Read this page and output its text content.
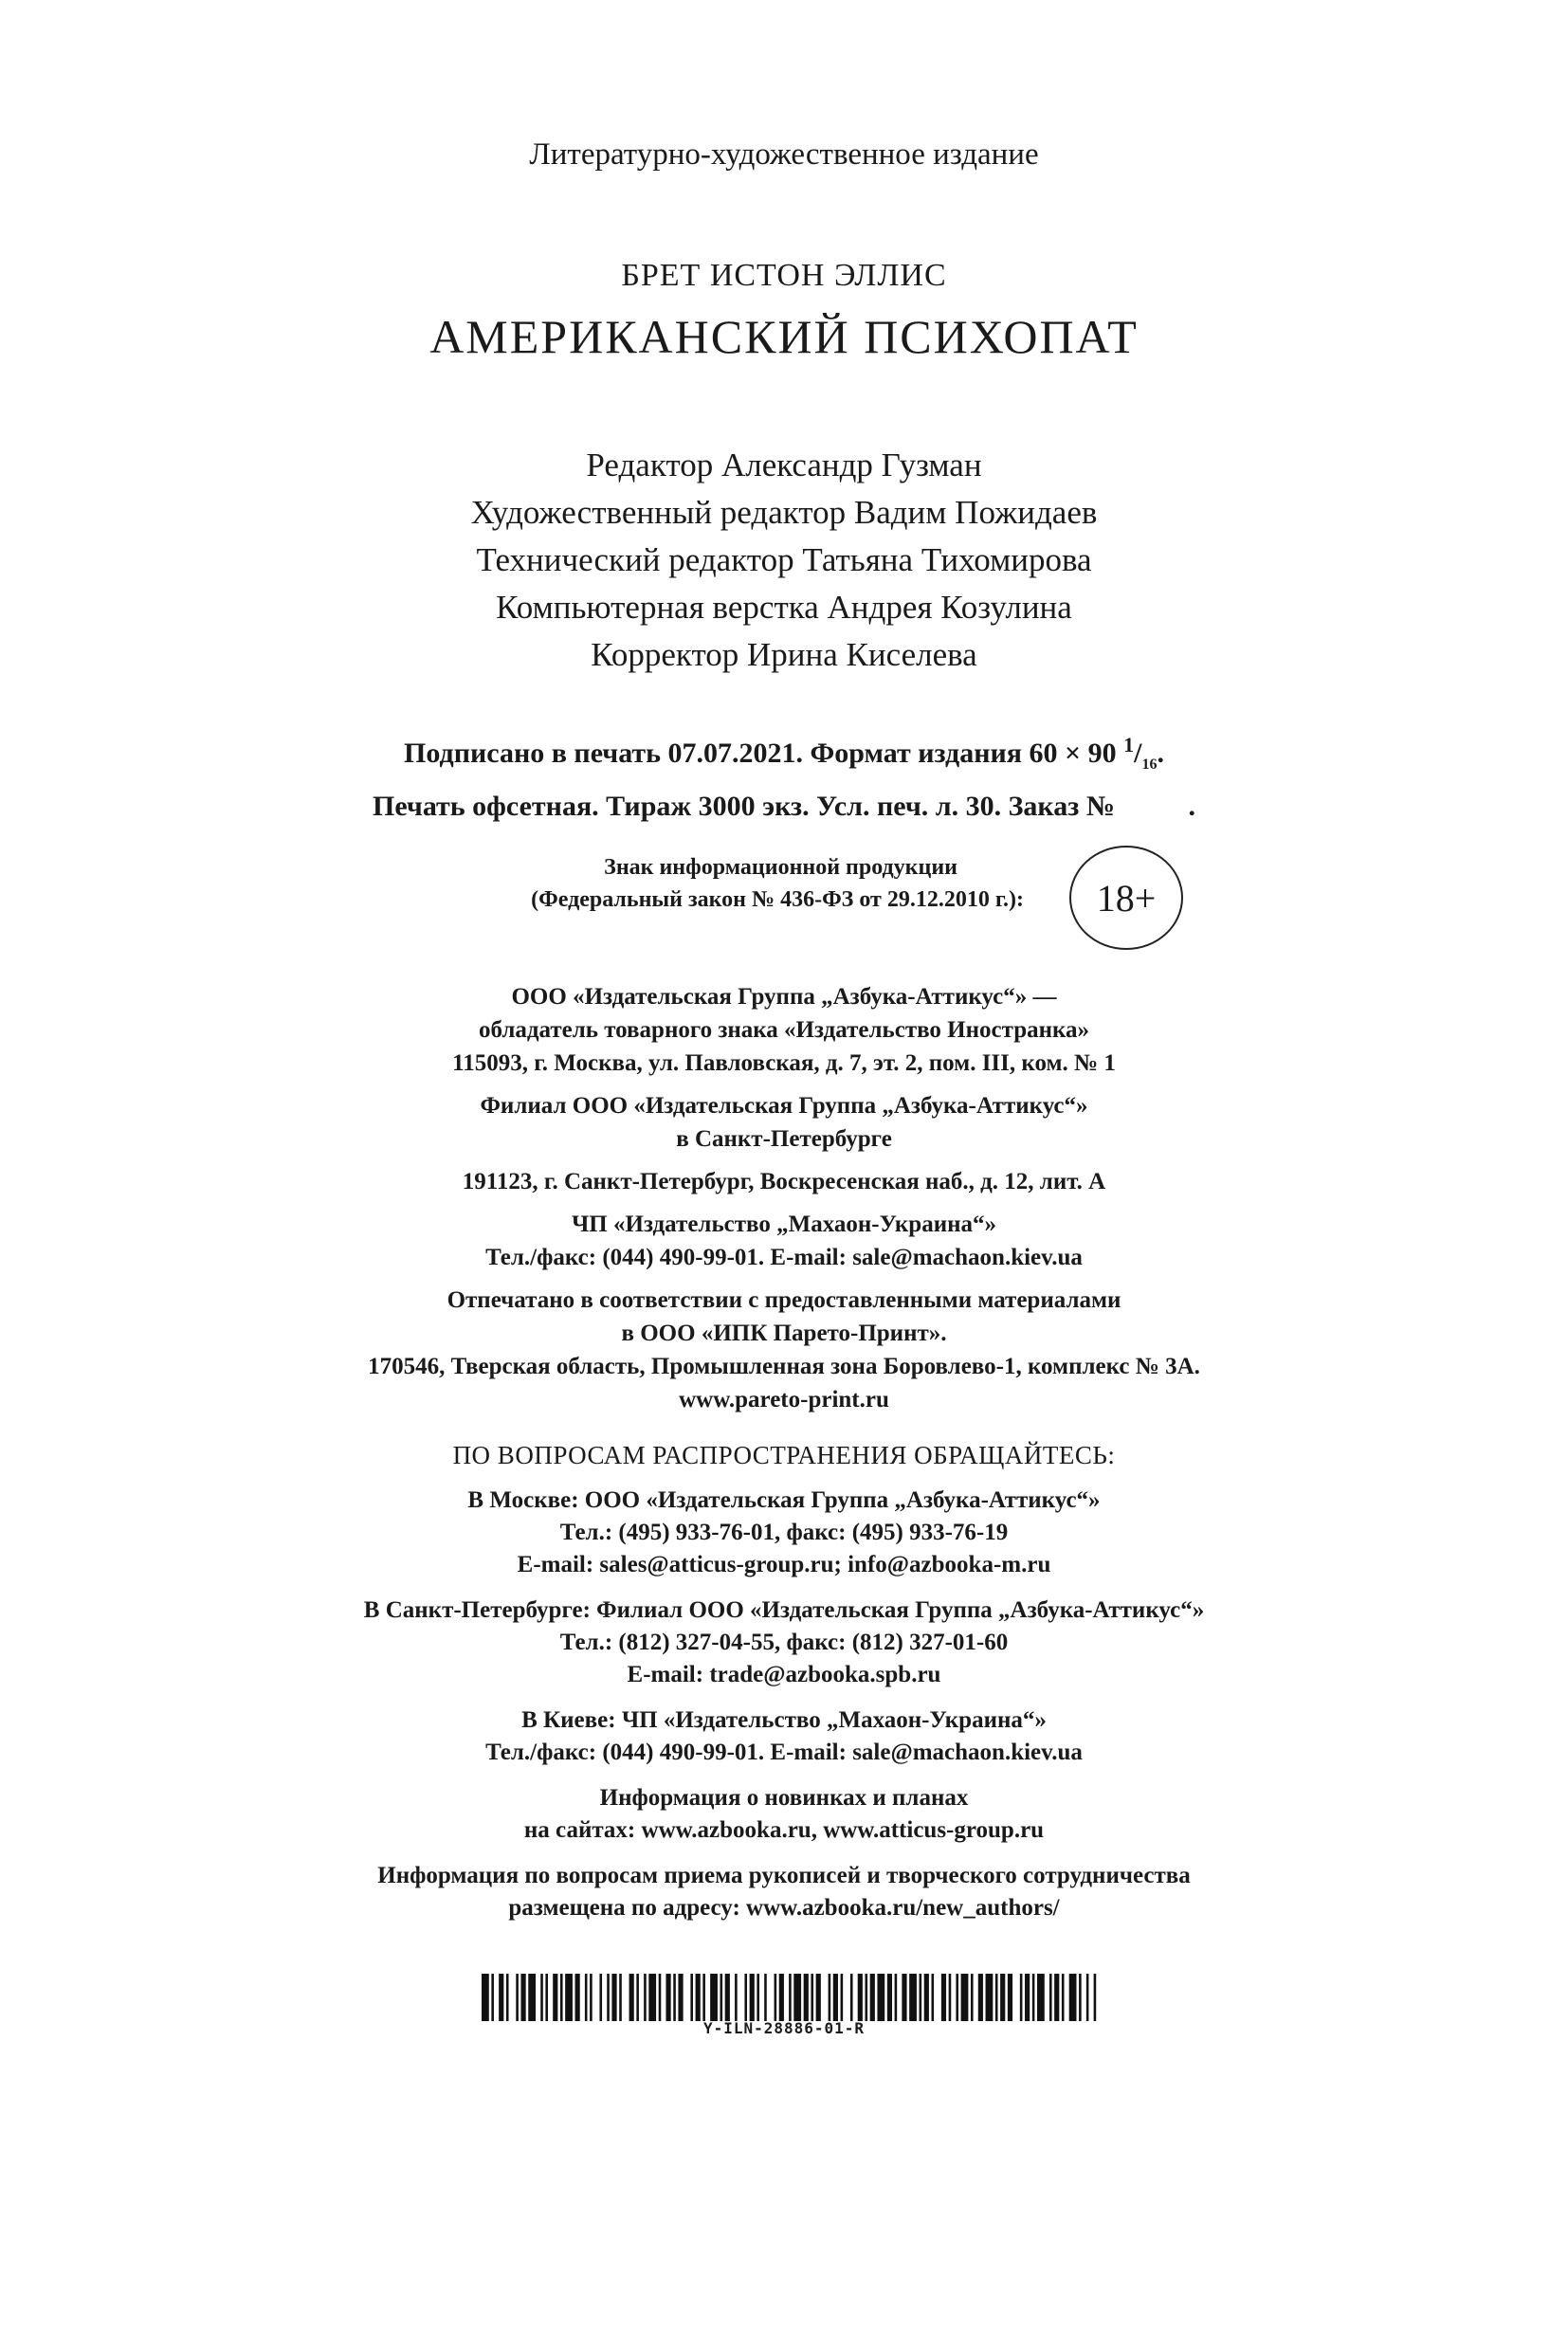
Литературно-художественное издание
БРЕТ ИСТОН ЭЛЛИС
АМЕРИКАНСКИЙ ПСИХОПАТ
Редактор Александр Гузман
Художественный редактор Вадим Пожидаев
Технический редактор Татьяна Тихомирова
Компьютерная верстка Андрея Козулина
Корректор Ирина Киселева
Подписано в печать 07.07.2021. Формат издания 60 × 90 $^1/_{16}$.
Печать офсетная. Тираж 3000 экз. Усл. печ. л. 30. Заказ №	.
Знак информационной продукции
(Федеральный закон № 436-ФЗ от 29.12.2010 г.): 18+
ООО «Издательская Группа „Азбука-Аттикус“» —
обладатель товарного знака «Издательство Иностранка»
115093, г. Москва, ул. Павловская, д. 7, эт. 2, пом. III, ком. № 1
Филиал ООО «Издательская Группа „Азбука-Аттикус“»
в Санкт-Петербурге
191123, г. Санкт-Петербург, Воскресенская наб., д. 12, лит. А
ЧП «Издательство „Махаон-Украина“»
Тел./факс: (044) 490-99-01. E-mail: sale@machaon.kiev.ua
Отпечатано в соответствии с предоставленными материалами
в ООО «ИПК Парето-Принт».
170546, Тверская область, Промышленная зона Боровлево-1, комплекс № 3А.
www.pareto-print.ru
ПО ВОПРОСАМ РАСПРОСТРАНЕНИЯ ОБРАЩАЙТЕСЬ:
В Москве: ООО «Издательская Группа „Азбука-Аттикус“»
Тел.: (495) 933-76-01, факс: (495) 933-76-19
E-mail: sales@atticus-group.ru; info@azbooka-m.ru
В Санкт-Петербурге: Филиал ООО «Издательская Группа „Азбука-Аттикус“»
Тел.: (812) 327-04-55, факс: (812) 327-01-60
E-mail: trade@azbooka.spb.ru
В Киеве: ЧП «Издательство „Махаон-Украина“»
Тел./факс: (044) 490-99-01. E-mail: sale@machaon.kiev.ua
Информация о новинках и планах
на сайтах: www.azbooka.ru, www.atticus-group.ru
Информация по вопросам приема рукописей и творческого сотрудничества
размещена по адресу: www.azbooka.ru/new_authors/
Y-ILN-28886-01-R
